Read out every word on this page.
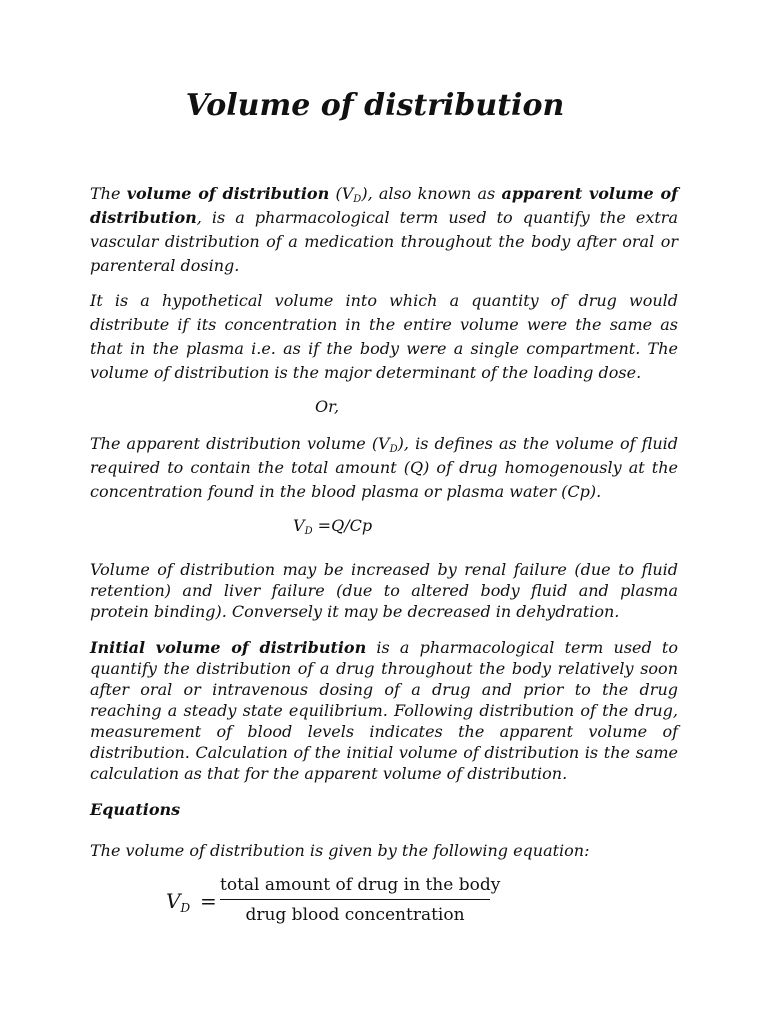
Volume of distribution

The volume of distribution $(V_D)$, also known as apparent volume of distribution, is a pharmacological term used to quantify the extra vascular distribution of a medication throughout the body after oral or parenteral dosing.

It is a hypothetical volume into which a quantity of drug would distribute if its concentration in the entire volume were the same as that in the plasma i.e. as if the body were a single compartment. The volume of distribution is the major determinant of the loading dose.

Or,

The apparent distribution volume $(V_D)$, is defines as the volume of fluid required to contain the total amount (Q) of drug homogenously at the concentration found in the blood plasma or plasma water (Cp).

$V_D =Q/Cp$

Volume of distribution may be increased by renal failure (due to fluid retention) and liver failure (due to altered body fluid and plasma protein binding). Conversely it may be decreased in dehydration.

Initial volume of distribution is a pharmacological term used to quantify the distribution of a drug throughout the body relatively soon after oral or intravenous dosing of a drug and prior to the drug reaching a steady state equilibrium. Following distribution of the drug, measurement of blood levels indicates the apparent volume of distribution. Calculation of the initial volume of distribution is the same calculation as that for the apparent volume of distribution.

Equations

The volume of distribution is given by the following equation:

$V_D$ =
total amount of drug in the body
drug blood concentration
